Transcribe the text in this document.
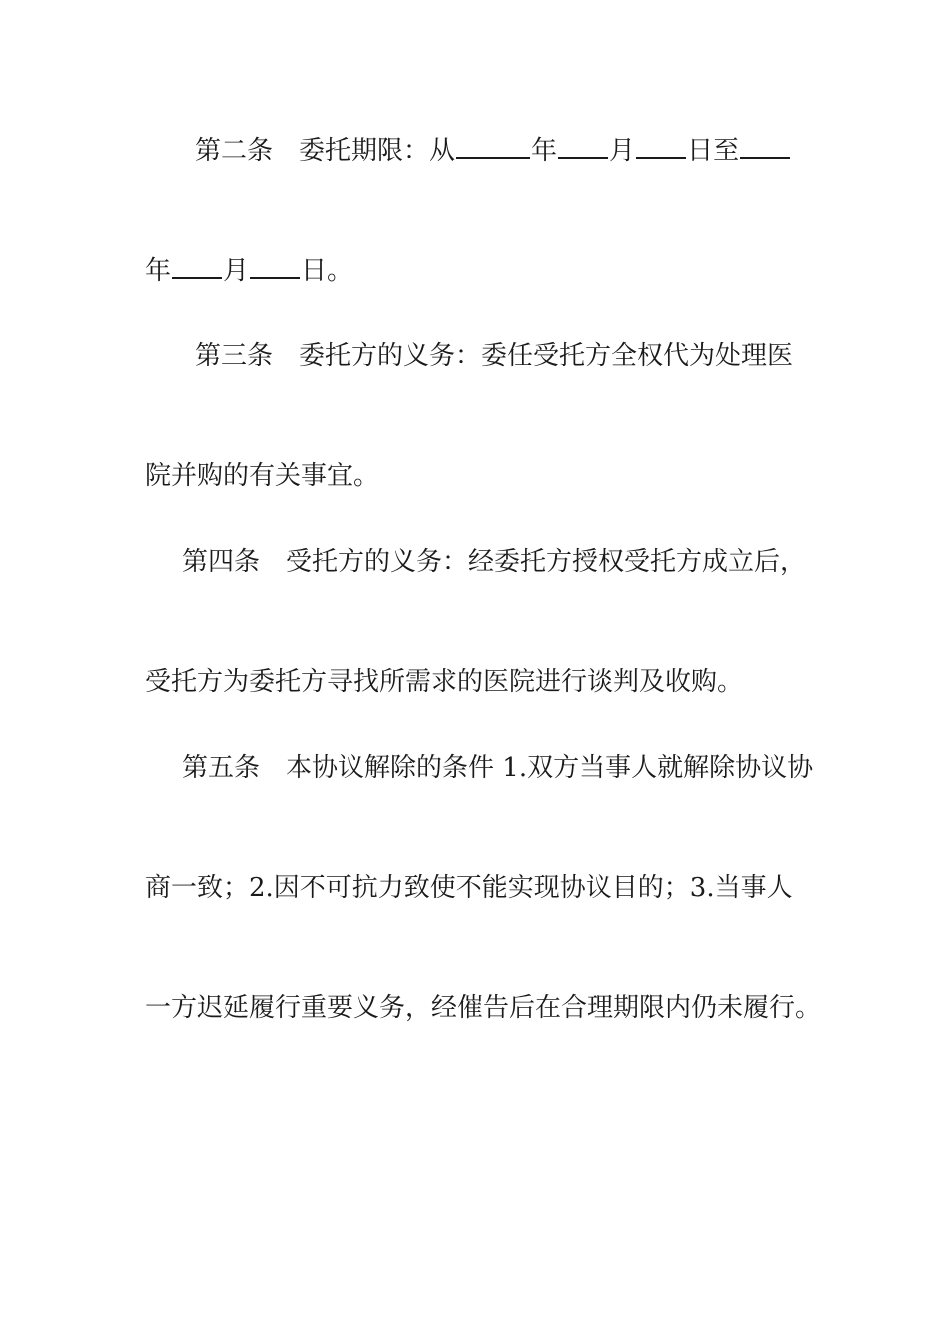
第二条 委托期限：从	年 月 日至
年 月 日。
第三条 委托方的义务：委任受托方全权代为处理医
院并购的有关事宜。
第四条 受托方的义务：经委托方授权受托方成立后，
受托方为委托方寻找所需求的医院进行谈判及收购。
第五条 本协议解除的条件 1.双方当事人就解除协议协
商一致；2.因不可抗力致使不能实现协议目的；3.当事人
一方迟延履行重要义务，经催告后在合理期限内仍未履行。
